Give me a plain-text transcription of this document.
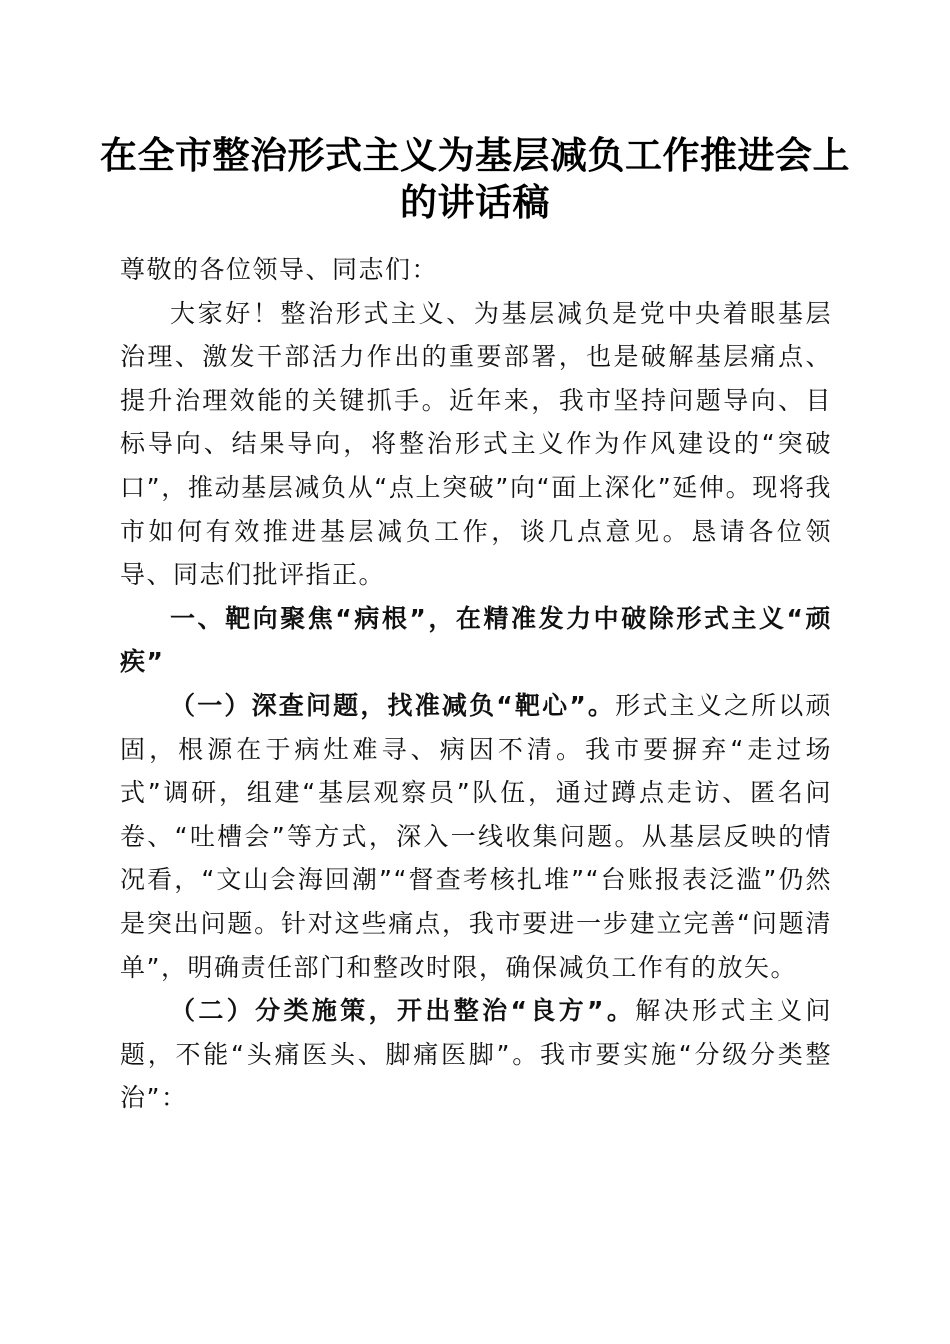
在全市整治形式主义为基层减负工作推进会上
的讲话稿

尊敬的各位领导、同志们：

大家好！整治形式主义、为基层减负是党中央着眼基层治理、激发干部活力作出的重要部署，也是破解基层痛点、提升治理效能的关键抓手。近年来，我市坚持问题导向、目标导向、结果导向，将整治形式主义作为作风建设的“突破口”，推动基层减负从“点上突破”向“面上深化”延伸。现将我市如何有效推进基层减负工作，谈几点意见。恳请各位领导、同志们批评指正。

一、靶向聚焦“病根”，在精准发力中破除形式主义“顽疾”

（一）深查问题，找准减负“靶心”。形式主义之所以顽固，根源在于病灶难寻、病因不清。我市要摒弃“走过场式”调研，组建“基层观察员”队伍，通过蹲点走访、匿名问卷、“吐槽会”等方式，深入一线收集问题。从基层反映的情况看，“文山会海回潮”“督查考核扎堆”“台账报表泛滥”仍然是突出问题。针对这些痛点，我市要进一步建立完善“问题清单”，明确责任部门和整改时限，确保减负工作有的放矢。

（二）分类施策，开出整治“良方”。解决形式主义问题，不能“头痛医头、脚痛医脚”。我市要实施“分级分类整治”：
